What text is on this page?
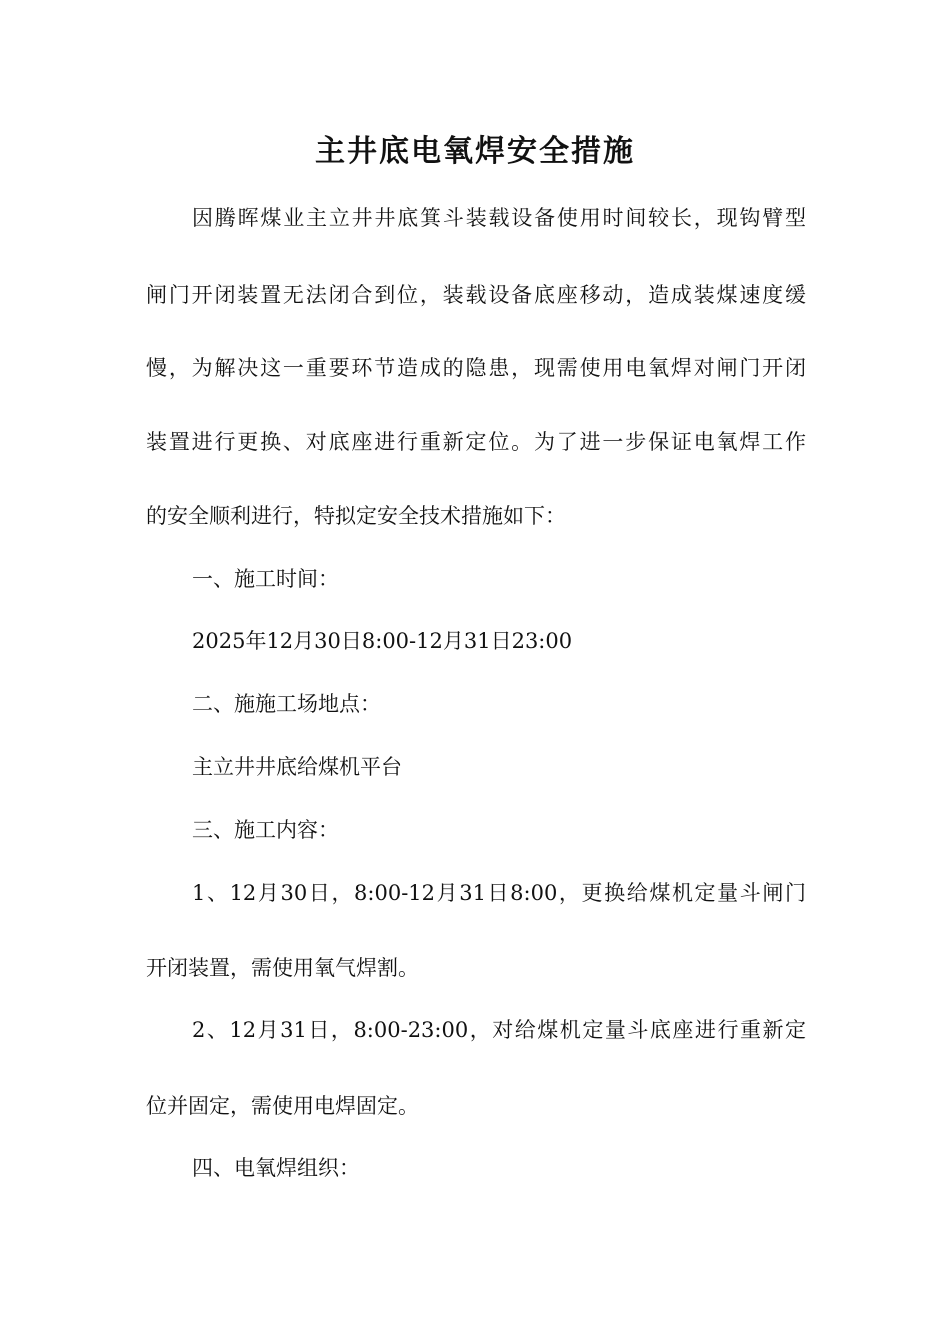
主井底电氧焊安全措施

因腾晖煤业主立井井底箕斗装载设备使用时间较长，现钩臂型

闸门开闭装置无法闭合到位，装载设备底座移动，造成装煤速度缓

慢，为解决这一重要环节造成的隐患，现需使用电氧焊对闸门开闭

装置进行更换、对底座进行重新定位。为了进一步保证电氧焊工作

的安全顺利进行，特拟定安全技术措施如下：

一、施工时间：

2025年12月30日8:00-12月31日23:00

二、施施工场地点：

主立井井底给煤机平台

三、施工内容：

1、12月30日，8:00-12月31日8:00，更换给煤机定量斗闸门

开闭装置，需使用氧气焊割。

2、12月31日，8:00-23:00，对给煤机定量斗底座进行重新定

位并固定，需使用电焊固定。

四、电氧焊组织：
